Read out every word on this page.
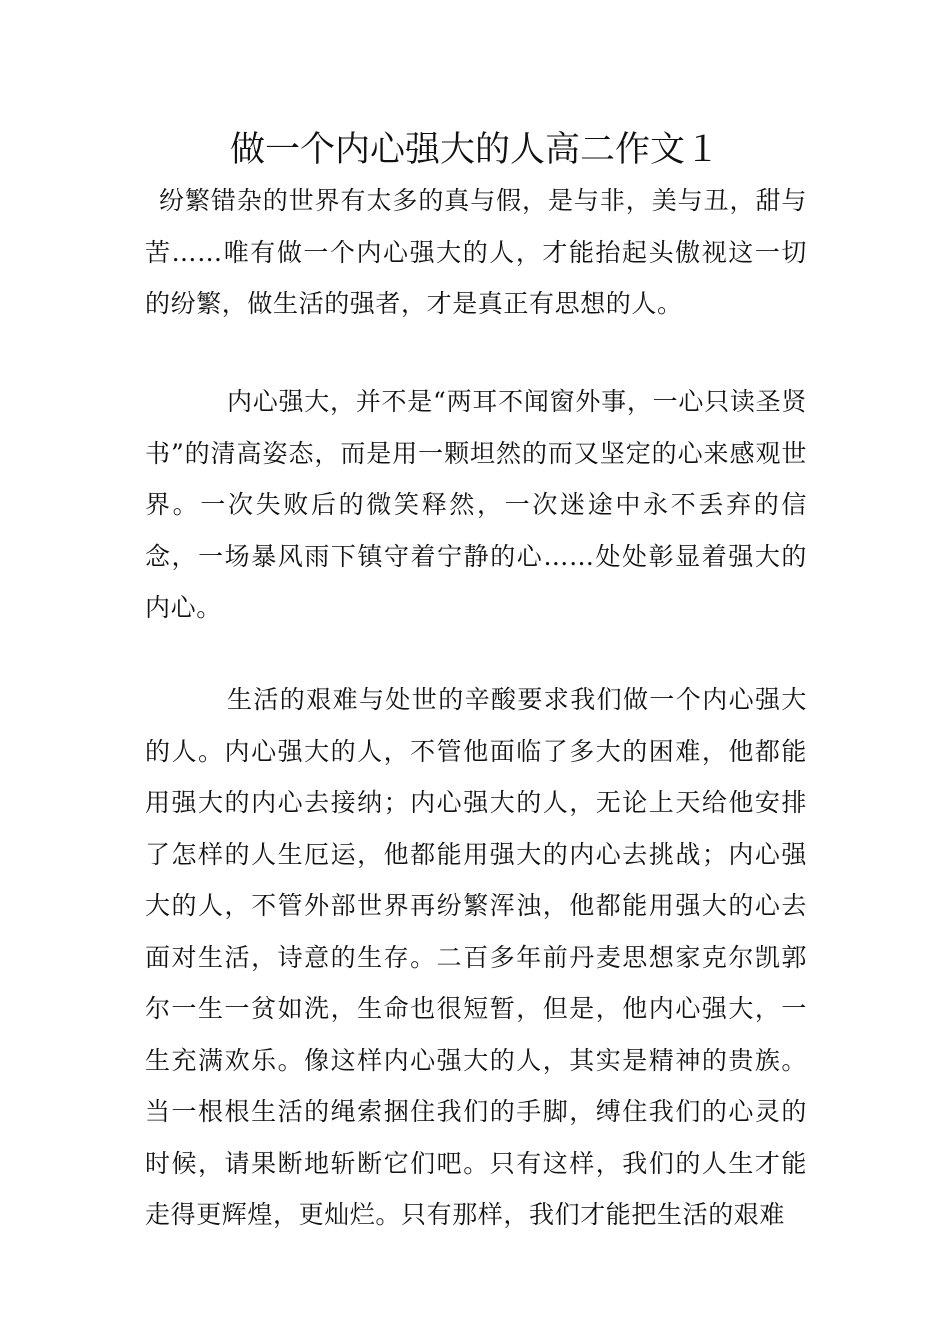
做一个内心强大的人高二作文１

纷繁错杂的世界有太多的真与假，是与非，美与丑，甜与苦……唯有做一个内心强大的人，才能抬起头傲视这一切的纷繁，做生活的强者，才是真正有思想的人。

内心强大，并不是“两耳不闻窗外事，一心只读圣贤书”的清高姿态，而是用一颗坦然的而又坚定的心来感观世界。一次失败后的微笑释然，一次迷途中永不丢弃的信念，一场暴风雨下镇守着宁静的心……处处彰显着强大的内心。

生活的艰难与处世的辛酸要求我们做一个内心强大的人。内心强大的人，不管他面临了多大的困难，他都能用强大的内心去接纳；内心强大的人，无论上天给他安排了怎样的人生厄运，他都能用强大的内心去挑战；内心强大的人，不管外部世界再纷繁浑浊，他都能用强大的心去面对生活，诗意的生存。二百多年前丹麦思想家克尔凯郭尔一生一贫如洗，生命也很短暂，但是，他内心强大，一生充满欢乐。像这样内心强大的人，其实是精神的贵族。当一根根生活的绳索捆住我们的手脚，缚住我们的心灵的时候，请果断地斩断它们吧。只有这样，我们的人生才能走得更辉煌，更灿烂。只有那样，我们才能把生活的艰难
